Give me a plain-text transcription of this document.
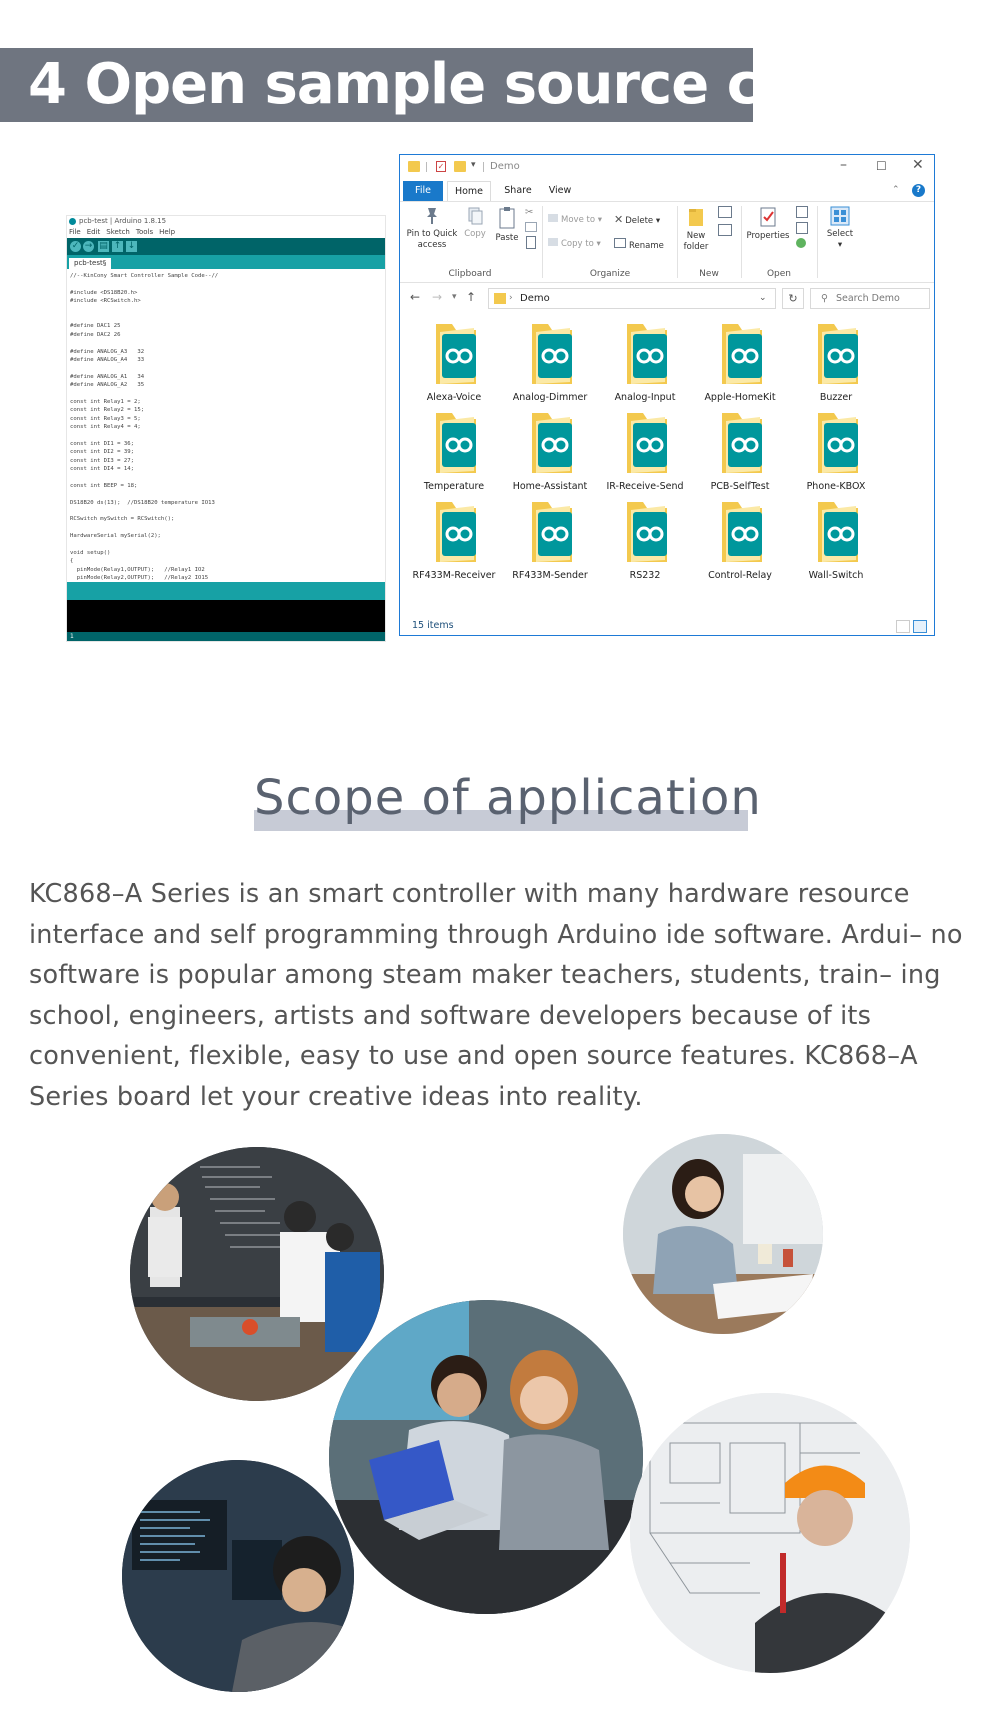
4 Open sample source code
pcb-test | Arduino 1.8.15
File Edit Sketch Tools Help
✓ → ▤ ↑ ↓
pcb-test§
//--KinCony Smart Controller Sample Code--//
#include <DS18B20.h>
#include <RCSwitch.h>
#define DAC1 25
#define DAC2 26
#define ANALOG_A3   32
#define ANALOG_A4   33
#define ANALOG_A1   34
#define ANALOG_A2   35
const int Relay1 = 2;
const int Relay2 = 15;
const int Relay3 = 5;
const int Relay4 = 4;
const int DI1 = 36;
const int DI2 = 39;
const int DI3 = 27;
const int DI4 = 14;
const int BEEP = 18;
DS18B20 ds(13);  //DS18B20 temperature IO13
RCSwitch mySwitch = RCSwitch();
HardwareSerial mySerial(2);
void setup()
{
pinMode(Relay1,OUTPUT);   //Relay1 IO2
pinMode(Relay2,OUTPUT);   //Relay2 IO15
1
✓	▾ Demo	– ☐ ✕
File	Home	Share	View	⌃	?
Pin to Quick access
Copy	Paste
✂
Clipboard
Move to ▾
Copy to ▾
✕ Delete ▾
Rename
Organize
New folder
New
Properties
Open
Select
▾
← → ▾ ↑	› Demo	⌄	↻	⚲ Search Demo
Alexa-Voice	Analog-Dimmer	Analog-Input	Apple-HomeKit	Buzzer
Temperature	Home-Assistant	IR-Receive-Send	PCB-SelfTest	Phone-KBOX
RF433M-Receiver	RF433M-Sender	RS232	Control-Relay	Wall-Switch
15 items
Scope of application
KC868–A Series is an smart controller with many hardware resource interface and self programming through Arduino ide software. Ardui– no software is popular among steam maker teachers, students, train– ing school, engineers, artists and software developers because of its convenient, flexible, easy to use and open source features. KC868–A Series board let your creative ideas into reality.
